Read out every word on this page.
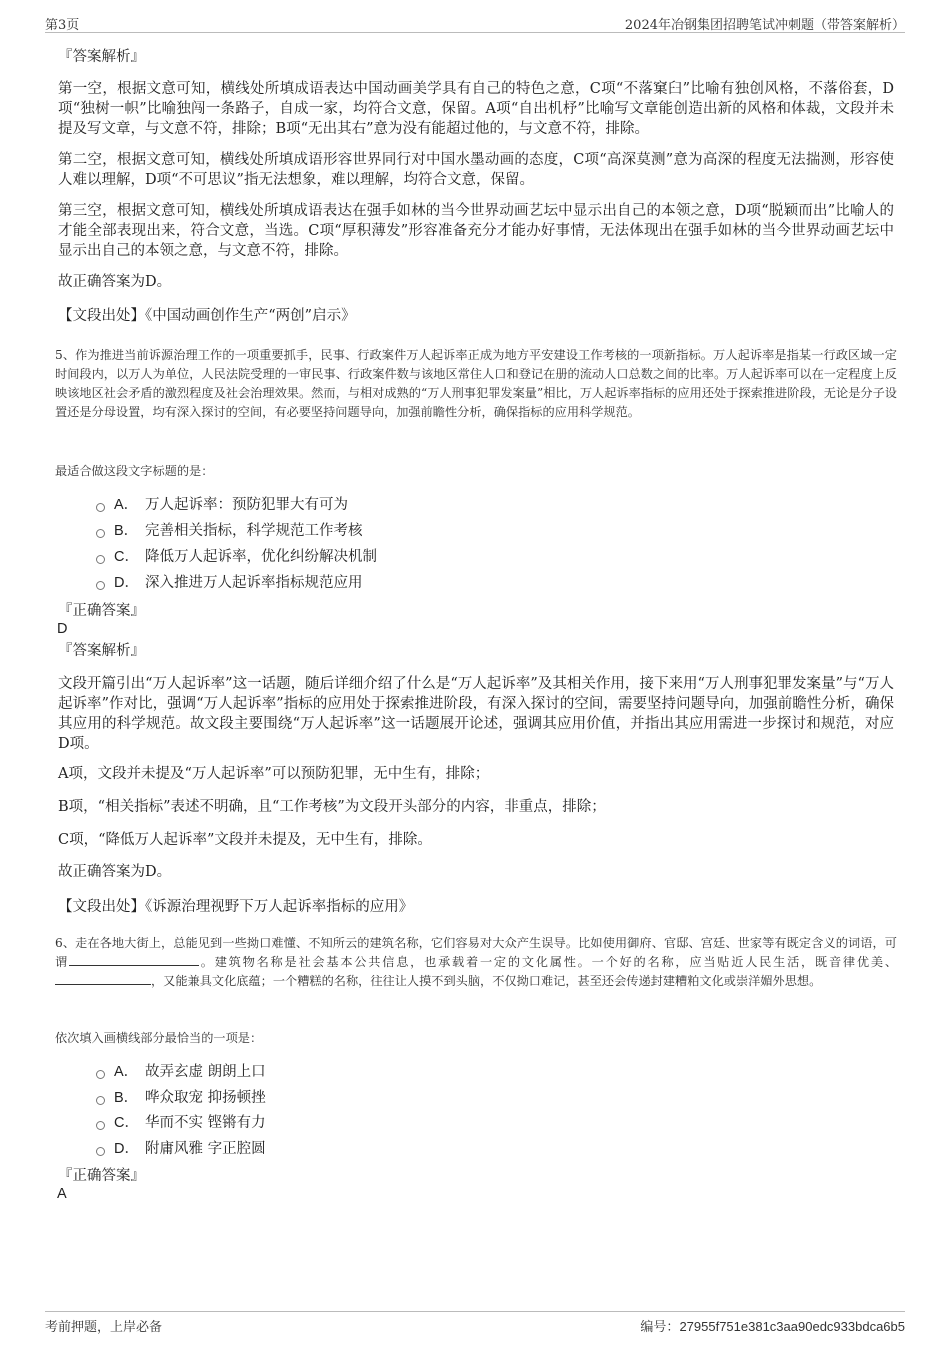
第3页	2024年冶钢集团招聘笔试冲刺题（带答案解析）
『答案解析』
第一空，根据文意可知，横线处所填成语表达中国动画美学具有自己的特色之意，C项“不落窠臼”比喻有独创风格，不落俗套，D项“独树一帜”比喻独闯一条路子，自成一家，均符合文意，保留。A项“自出机杼”比喻写文章能创造出新的风格和体裁，文段并未提及写文章，与文意不符，排除；B项“无出其右”意为没有能超过他的，与文意不符，排除。
第二空，根据文意可知，横线处所填成语形容世界同行对中国水墨动画的态度，C项“高深莫测”意为高深的程度无法揣测，形容使人难以理解，D项“不可思议”指无法想象，难以理解，均符合文意，保留。
第三空，根据文意可知，横线处所填成语表达在强手如林的当今世界动画艺坛中显示出自己的本领之意，D项“脱颖而出”比喻人的才能全部表现出来，符合文意，当选。C项“厚积薄发”形容准备充分才能办好事情，无法体现出在强手如林的当今世界动画艺坛中显示出自己的本领之意，与文意不符，排除。
故正确答案为D。
【文段出处】《中国动画创作生产“两创”启示》
5、作为推进当前诉源治理工作的一项重要抓手，民事、行政案件万人起诉率正成为地方平安建设工作考核的一项新指标。万人起诉率是指某一行政区域一定时间段内，以万人为单位，人民法院受理的一审民事、行政案件数与该地区常住人口和登记在册的流动人口总数之间的比率。万人起诉率可以在一定程度上反映该地区社会矛盾的激烈程度及社会治理效果。然而，与相对成熟的“万人刑事犯罪发案量”相比，万人起诉率指标的应用还处于探索推进阶段，无论是分子设置还是分母设置，均有深入探讨的空间，有必要坚持问题导向，加强前瞻性分析，确保指标的应用科学规范。
最适合做这段文字标题的是：
A． 万人起诉率：预防犯罪大有可为
B． 完善相关指标，科学规范工作考核
C． 降低万人起诉率，优化纠纷解决机制
D． 深入推进万人起诉率指标规范应用
『正确答案』
D
『答案解析』
文段开篇引出“万人起诉率”这一话题，随后详细介绍了什么是“万人起诉率”及其相关作用，接下来用“万人刑事犯罪发案量”与“万人起诉率”作对比，强调“万人起诉率”指标的应用处于探索推进阶段，有深入探讨的空间，需要坚持问题导向，加强前瞻性分析，确保其应用的科学规范。故文段主要围绕“万人起诉率”这一话题展开论述，强调其应用价值，并指出其应用需进一步探讨和规范，对应D项。
A项，文段并未提及“万人起诉率”可以预防犯罪，无中生有，排除；
B项，“相关指标”表述不明确，且“工作考核”为文段开头部分的内容，非重点，排除；
C项，“降低万人起诉率”文段并未提及，无中生有，排除。
故正确答案为D。
【文段出处】《诉源治理视野下万人起诉率指标的应用》
6、走在各地大街上，总能见到一些拗口难懂、不知所云的建筑名称，它们容易对大众产生误导。比如使用御府、官邸、宫廷、世家等有既定含义的词语，可谓	。建筑物名称是社会基本公共信息，也承载着一定的文化属性。一个好的名称，应当贴近人民生活，既音律优美、，又能兼具文化底蕴；一个糟糕的名称，往往让人摸不到头脑，不仅拗口难记，甚至还会传递封建糟粕文化或崇洋媚外思想。
依次填入画横线部分最恰当的一项是：
A． 故弄玄虚 朗朗上口
B． 哗众取宠 抑扬顿挫
C． 华而不实 铿锵有力
D． 附庸风雅 字正腔圆
『正确答案』
A
考前押题，上岸必备	编号：27955f751e381c3aa90edc933bdca6b5
